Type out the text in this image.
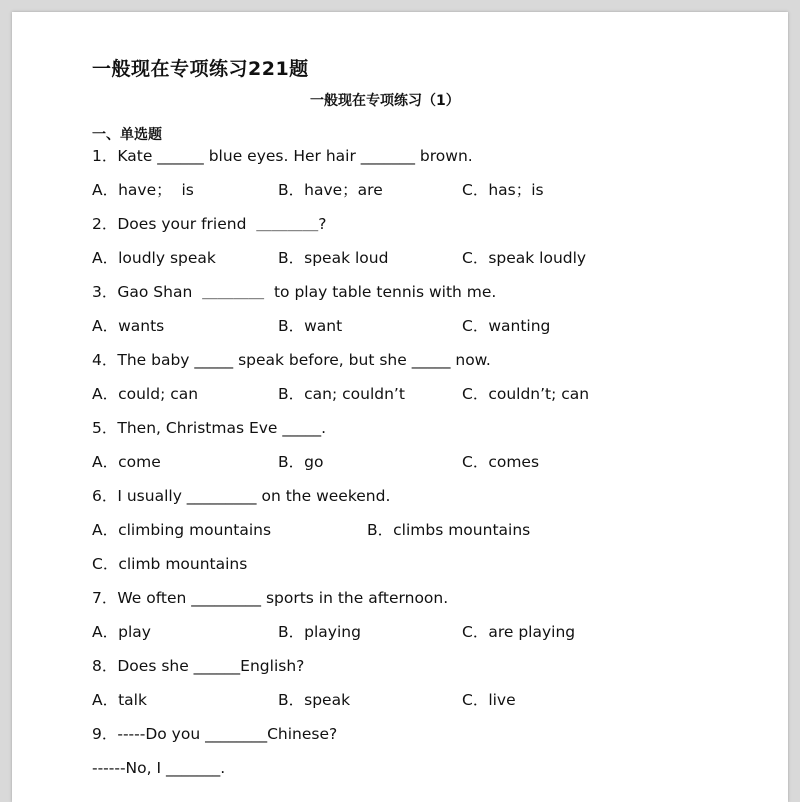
一般现在专项练习221题
一般现在专项练习（1）
一、单选题
1．Kate ______ blue eyes. Her hair _______ brown.
A．have；  is	B．have；are	C．has；is
2．Does your friend  ＿＿＿＿?
A．loudly speak	B．speak loud	C．speak loudly
3．Gao Shan  ＿＿＿＿  to play table tennis with me.
A．wants	B．want	C．wanting
4．The baby _____ speak before, but she _____ now.
A．could; can	B．can; couldn’t	C．couldn’t; can
5．Then, Christmas Eve _____.
A．come	B．go	C．comes
6．I usually _________ on the weekend.
A．climbing mountains	B．climbs mountains
C．climb mountains
7．We often _________ sports in the afternoon.
A．play	B．playing	C．are playing
8．Does she ______English?
A．talk	B．speak	C．live
9．-----Do you ________Chinese?
------No, I _______.
